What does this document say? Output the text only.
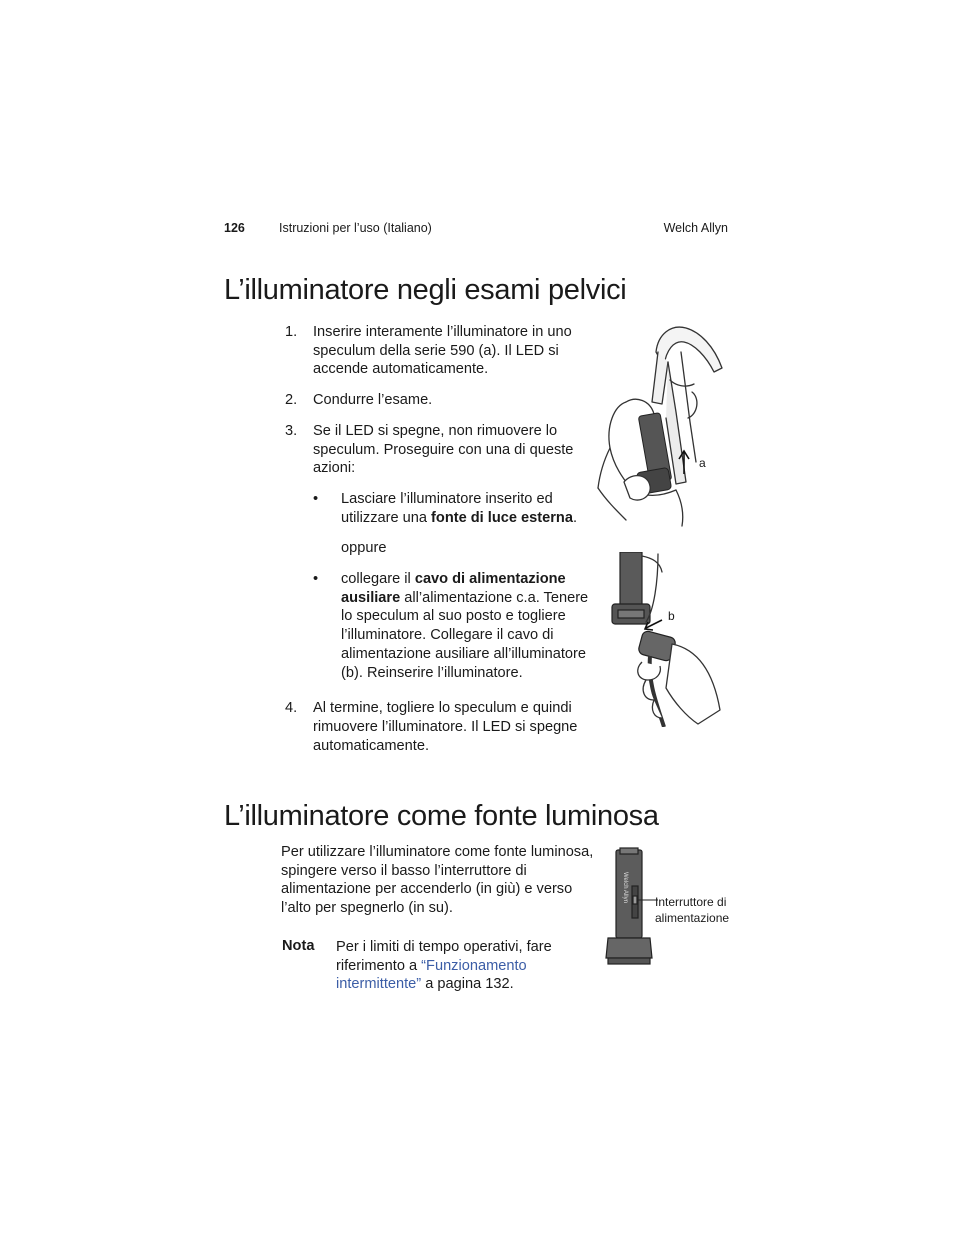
126	Istruzioni per l’uso (Italiano)	Welch Allyn
L’illuminatore negli esami pelvici
1. Inserire interamente l’illuminatore in uno speculum della serie 590 (a). Il LED si accende automaticamente.
2. Condurre l’esame.
3. Se il LED si spegne, non rimuovere lo speculum. Proseguire con una di queste azioni:
• Lasciare l’illuminatore inserito ed utilizzare una fonte di luce esterna.
oppure
• collegare il cavo di alimentazione ausiliare all’alimentazione c.a. Tenere lo speculum al suo posto e togliere l’illuminatore. Collegare il cavo di alimentazione ausiliare all’illuminatore (b). Reinserire l’illuminatore.
4. Al termine, togliere lo speculum e quindi rimuovere l’illuminatore. Il LED si spegne automaticamente.
a
b
L’illuminatore come fonte luminosa
Per utilizzare l’illuminatore come fonte luminosa, spingere verso il basso l’interruttore di alimentazione per accenderlo (in giù) e verso l’alto per spegnerlo (in su).
Nota Per i limiti di tempo operativi, fare riferimento a “Funzionamento intermittente” a pagina 132.
Welch Allyn Interruttore di
alimentazione
